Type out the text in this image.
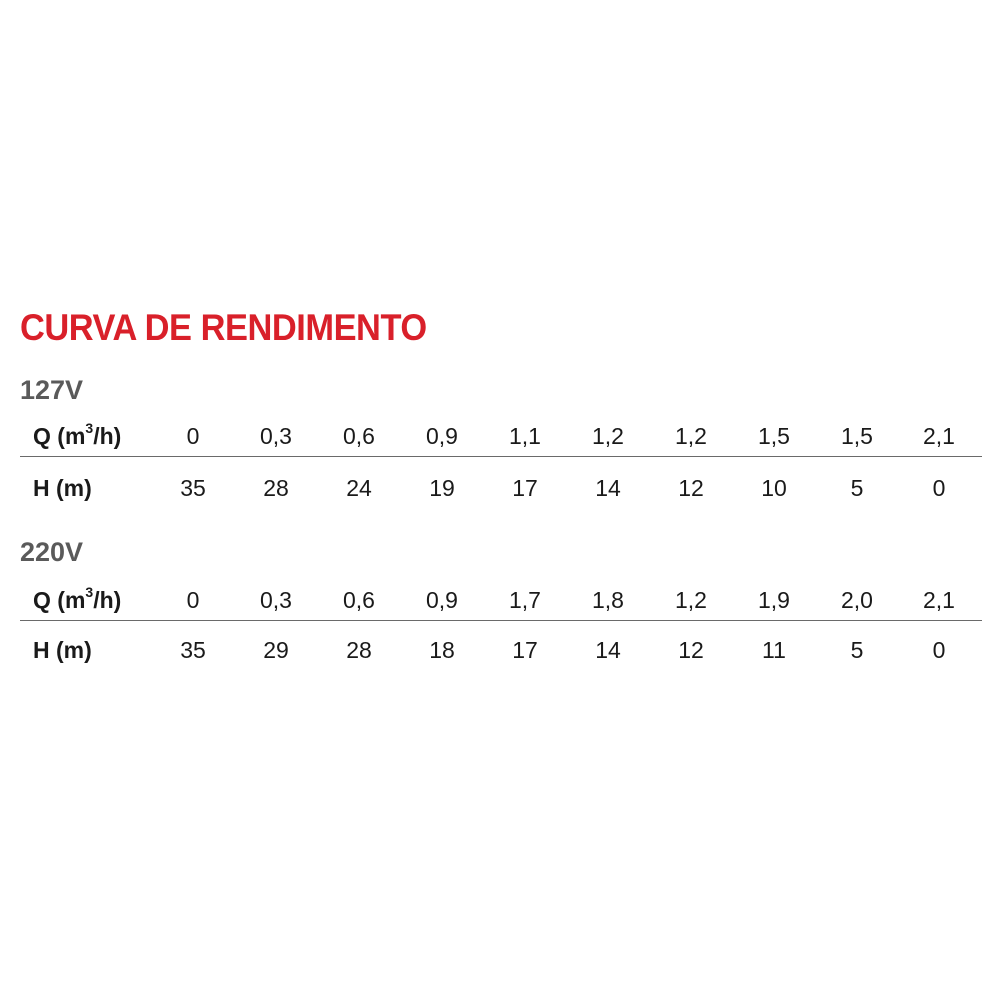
CURVA DE RENDIMENTO
127V
Q $(m^3/h)$	0	0,3	0,6	0,9	1,1	1,2	1,2	1,5	1,5	2,1
H (m)	35	28	24	19	17	14	12	10	5	0
220V
Q $(m^3/h)$	0	0,3	0,6	0,9	1,7	1,8	1,2	1,9	2,0	2,1
H (m)	35	29	28	18	17	14	12	11	5	0
